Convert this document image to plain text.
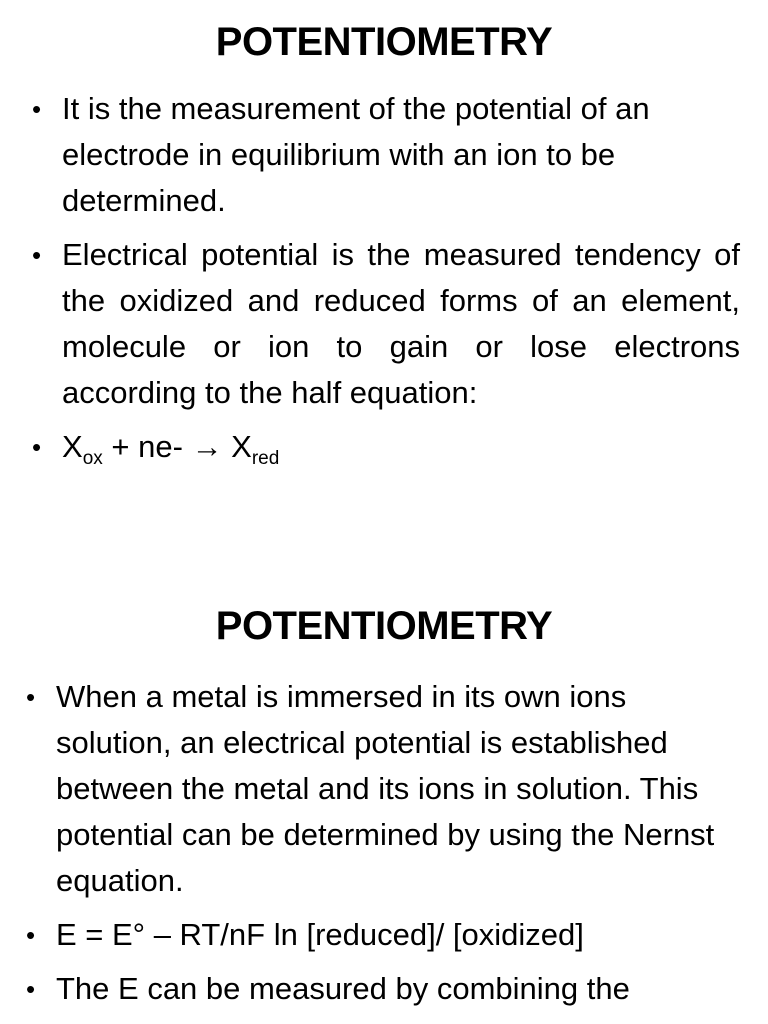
POTENTIOMETRY
• It is the measurement of the potential of an electrode in equilibrium with an ion to be determined.
• Electrical potential is the measured tendency of the oxidized and reduced forms of an element, molecule or ion to gain or lose electrons according to the half equation:
• $X_{ox} + ne- \to X_{red}$
POTENTIOMETRY
• When a metal is immersed in its own ions solution, an electrical potential is established between the metal and its ions in solution. This potential can be determined by using the Nernst equation.
• E = E° – RT/nF ln [reduced]/ [oxidized]
• The E can be measured by combining the
